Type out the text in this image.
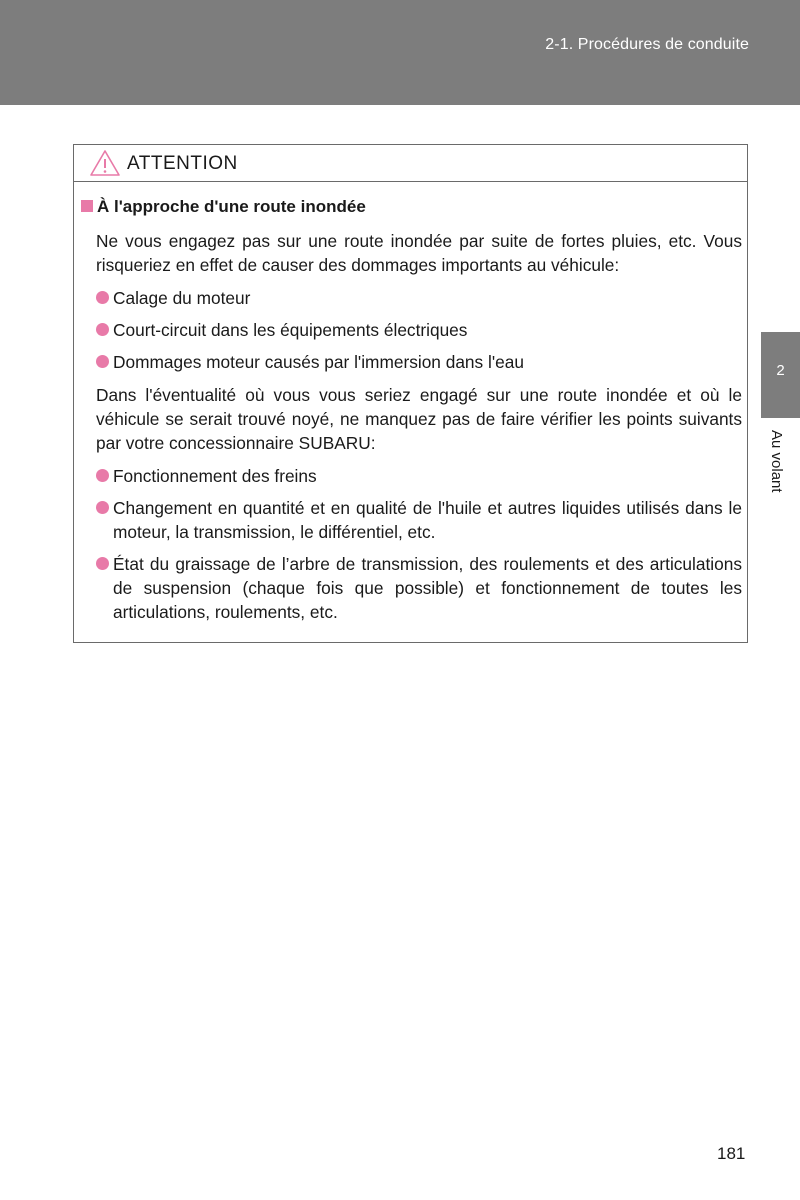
2-1. Procédures de conduite
2
Au volant
ATTENTION
À l'approche d'une route inondée

Ne vous engagez pas sur une route inondée par suite de fortes pluies, etc. Vous risqueriez en effet de causer des dommages importants au véhicule:

Calage du moteur
Court-circuit dans les équipements électriques
Dommages moteur causés par l'immersion dans l'eau

Dans l'éventualité où vous vous seriez engagé sur une route inondée et où le véhicule se serait trouvé noyé, ne manquez pas de faire vérifier les points suivants par votre concessionnaire SUBARU:

Fonctionnement des freins
Changement en quantité et en qualité de l'huile et autres liquides utilisés dans le moteur, la transmission, le différentiel, etc.
État du graissage de l’arbre de transmission, des roulements et des articulations de suspension (chaque fois que possible) et fonctionnement de toutes les articulations, roulements, etc.
181
